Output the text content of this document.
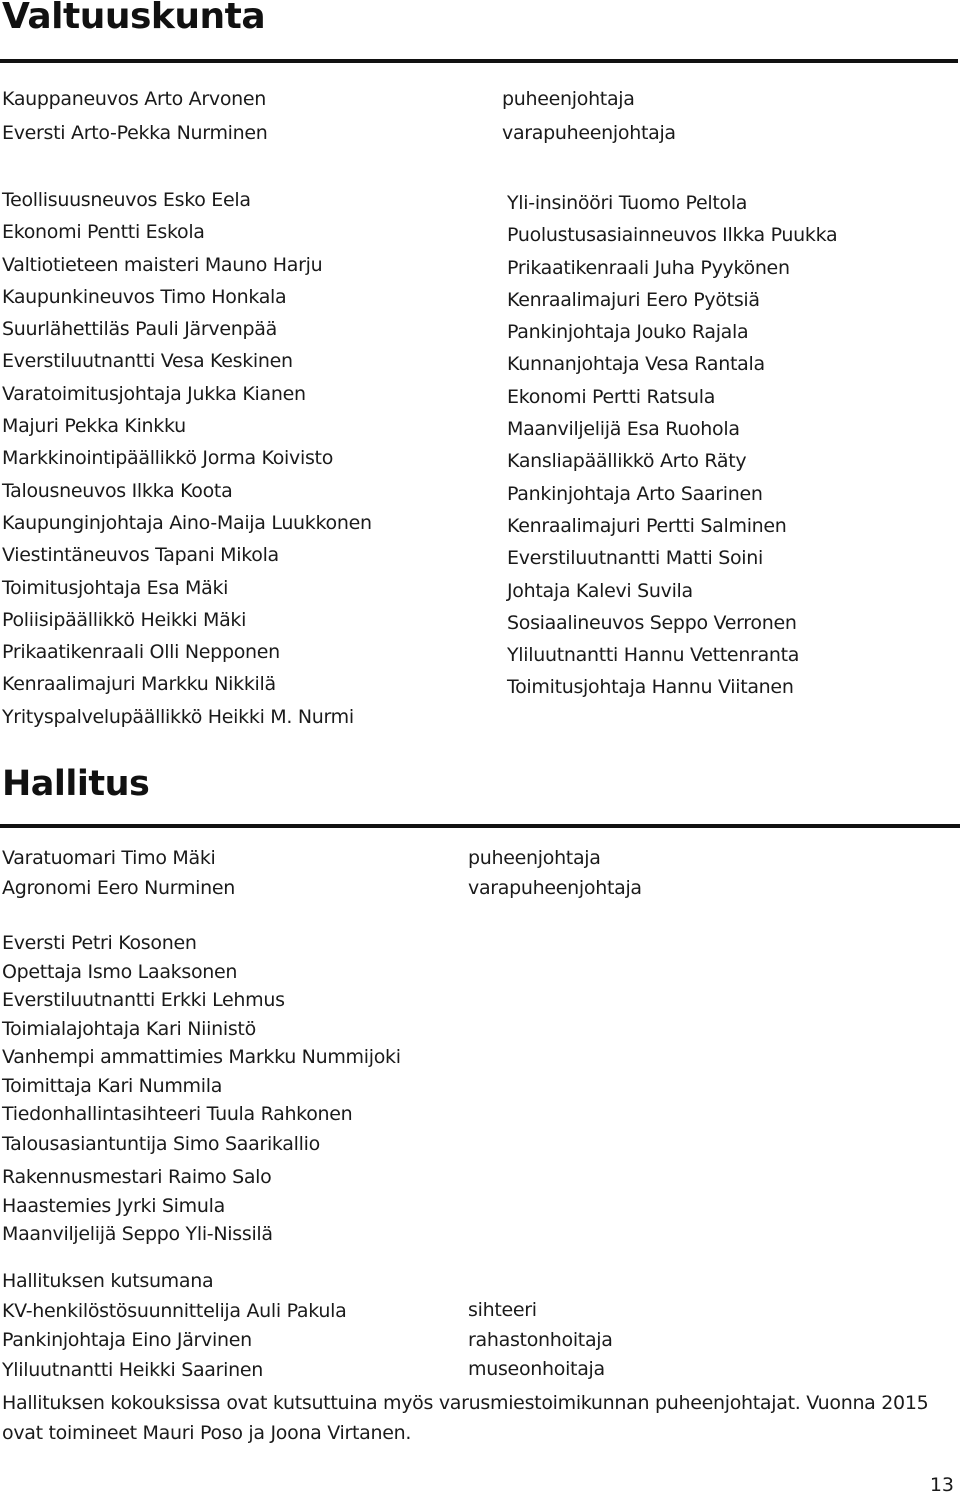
Valtuuskunta
Kauppaneuvos Arto Arvonen
Eversti Arto-Pekka Nurminen
puheenjohtaja
varapuheenjohtaja
Teollisuusneuvos Esko Eela
Ekonomi Pentti Eskola
Valtiotieteen maisteri Mauno Harju
Kaupunkineuvos Timo Honkala
Suurlähettiläs Pauli Järvenpää
Everstiluutnantti Vesa Keskinen
Varatoimitusjohtaja Jukka Kianen
Majuri Pekka Kinkku
Markkinointipäällikkö Jorma Koivisto
Talousneuvos Ilkka Koota
Kaupunginjohtaja Aino-Maija Luukkonen
Viestintäneuvos Tapani Mikola
Toimitusjohtaja Esa Mäki
Poliisipäällikkö Heikki Mäki
Prikaatikenraali Olli Nepponen
Kenraalimajuri Markku Nikkilä
Yrityspalvelupäällikkö Heikki M. Nurmi
Yli-insinööri Tuomo Peltola
Puolustusasiainneuvos Ilkka Puukka
Prikaatikenraali Juha Pyykönen
Kenraalimajuri Eero Pyötsiä
Pankinjohtaja Jouko Rajala
Kunnanjohtaja Vesa Rantala
Ekonomi Pertti Ratsula
Maanviljelijä Esa Ruohola
Kansliapäällikkö Arto Räty
Pankinjohtaja Arto Saarinen
Kenraalimajuri Pertti Salminen
Everstiluutnantti Matti Soini
Johtaja Kalevi Suvila
Sosiaalineuvos Seppo Verronen
Yliluutnantti Hannu Vettenranta
Toimitusjohtaja Hannu Viitanen
Hallitus
Varatuomari Timo Mäki
Agronomi Eero Nurminen
puheenjohtaja
varapuheenjohtaja
Eversti Petri Kosonen
Opettaja Ismo Laaksonen
Everstiluutnantti Erkki Lehmus
Toimialajohtaja Kari Niinistö
Vanhempi ammattimies Markku Nummijoki
Toimittaja Kari Nummila
Tiedonhallintasihteeri Tuula Rahkonen
Talousasiantuntija Simo Saarikallio
Rakennusmestari Raimo Salo
Haastemies Jyrki Simula
Maanviljelijä Seppo Yli-Nissilä
Hallituksen kutsumana
KV-henkilöstösuunnittelija Auli Pakula
Pankinjohtaja Eino Järvinen
Yliluutnantti Heikki Saarinen
sihteeri
rahastonhoitaja
museonhoitaja

Hallituksen kokouksissa ovat kutsuttuina myös varusmiestoimikunnan puheenjohtajat. Vuonna 2015 ovat toimineet Mauri Poso ja Joona Virtanen.

13
